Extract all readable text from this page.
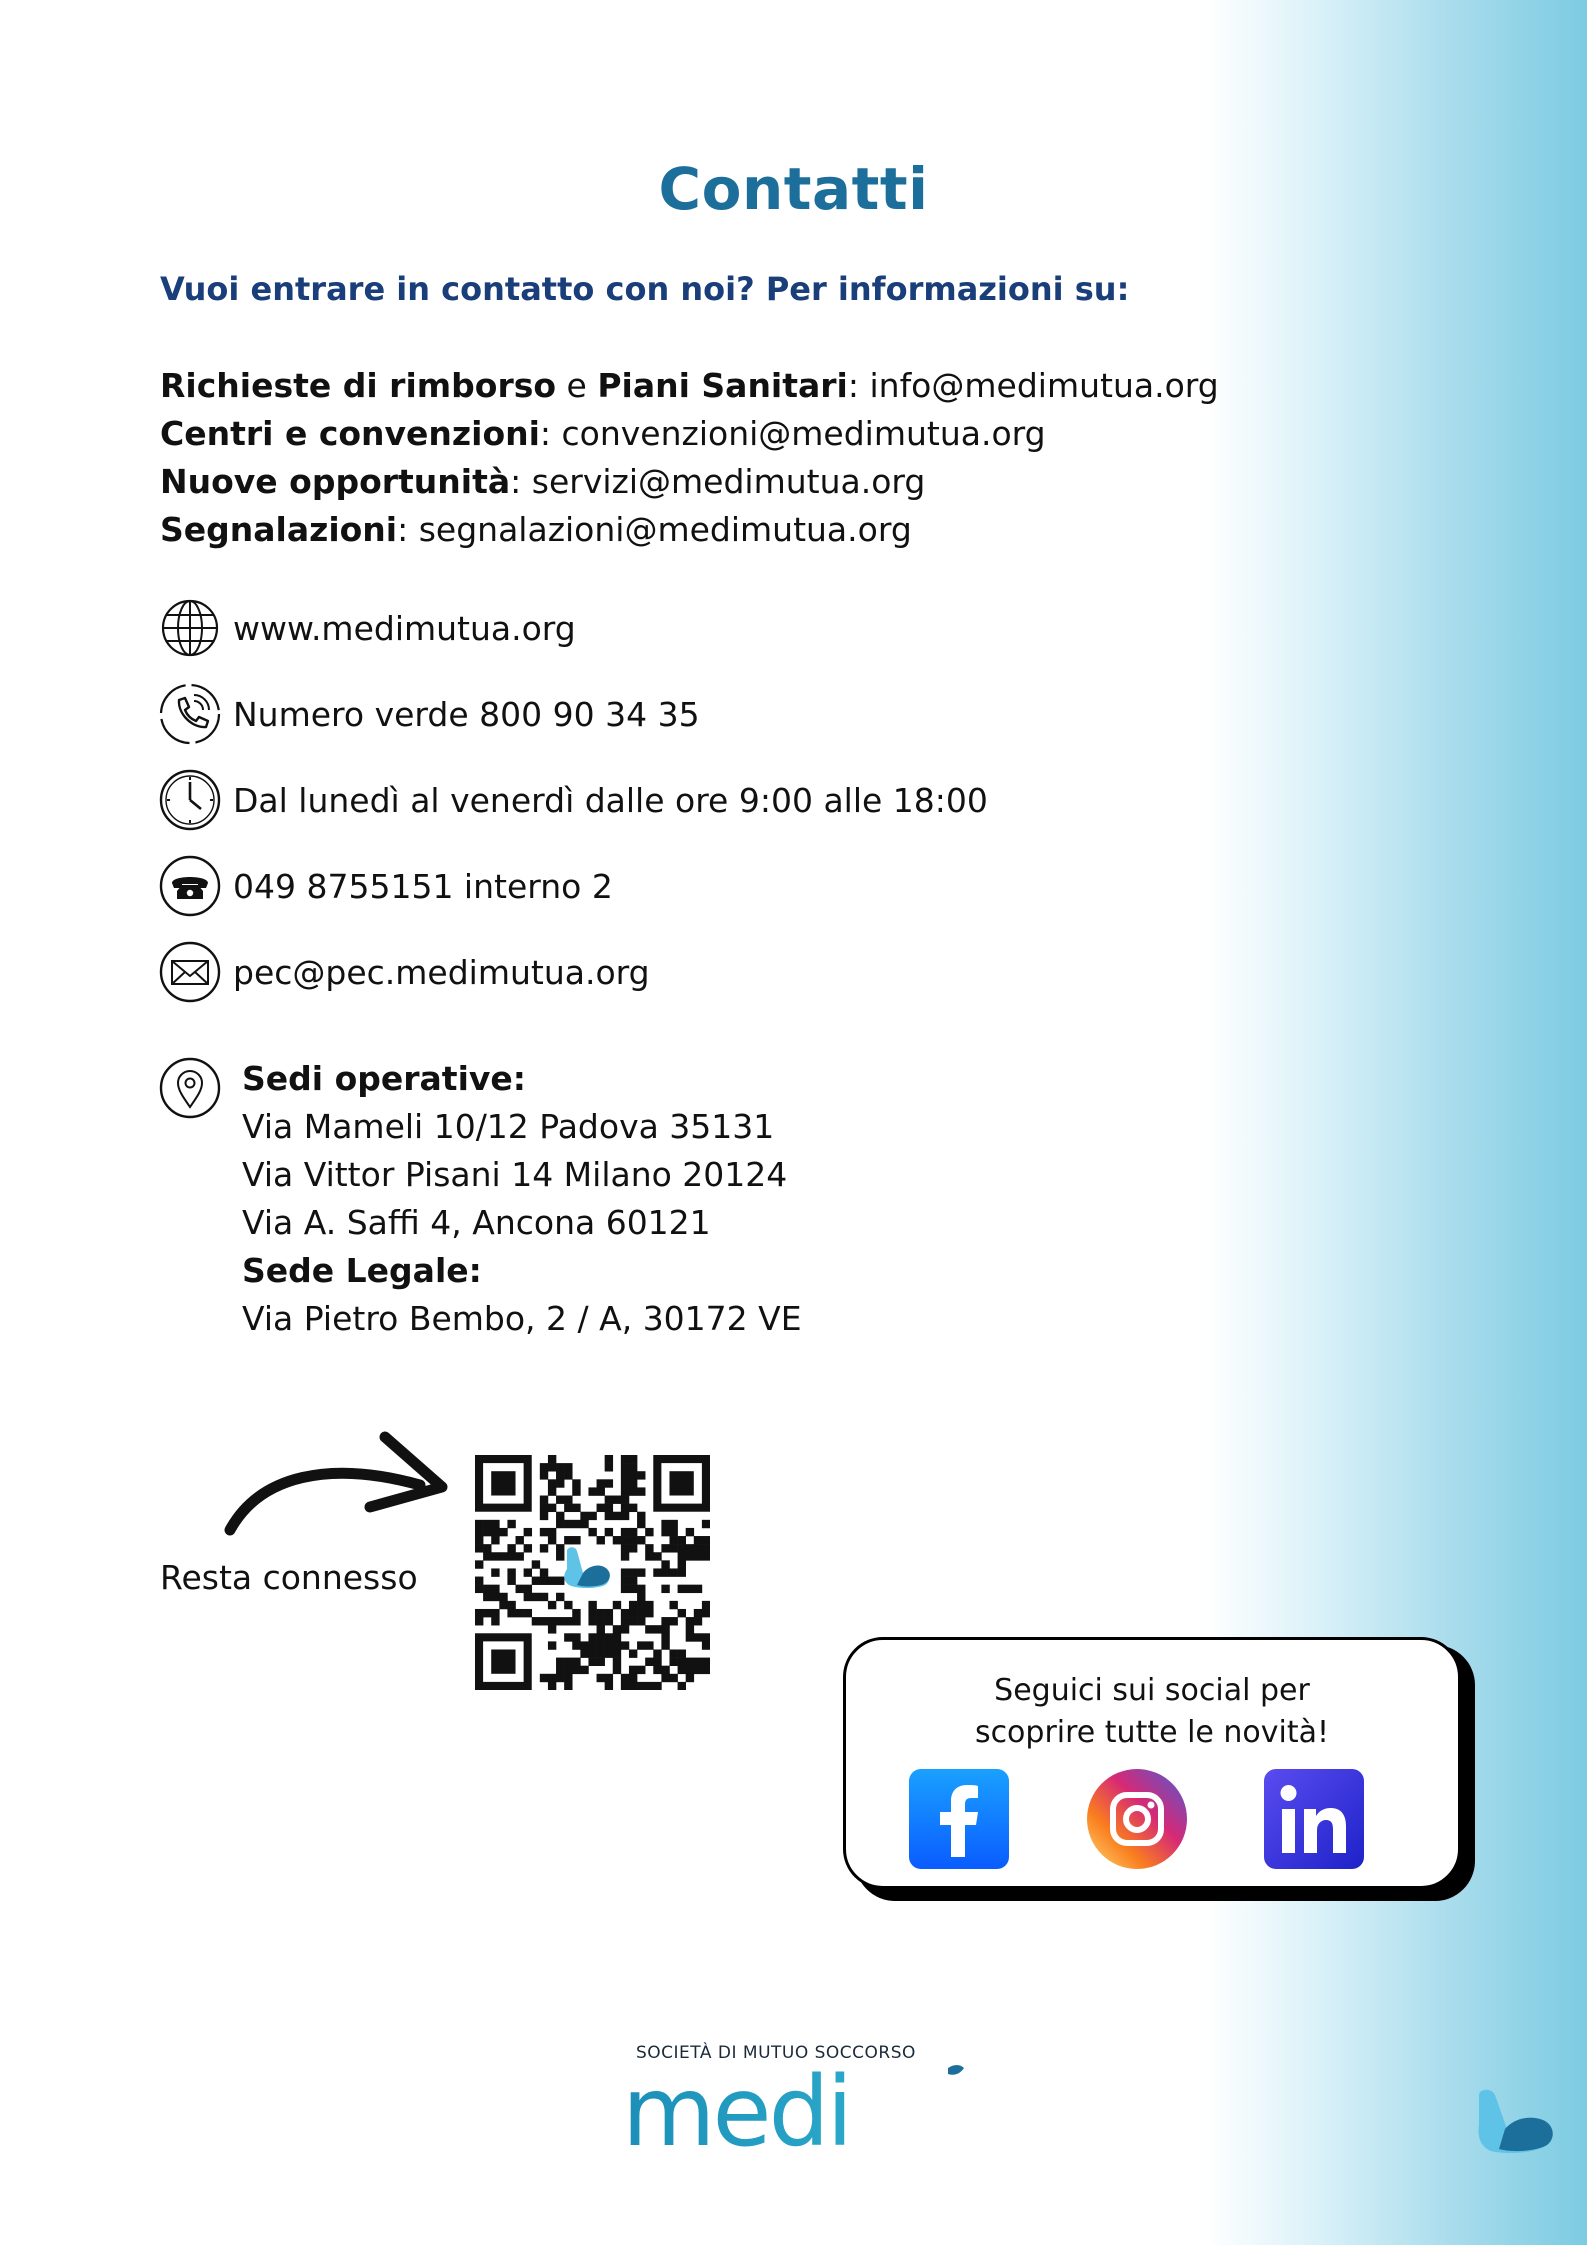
Contatti
Vuoi entrare in contatto con noi? Per informazioni su:
Richieste di rimborso e Piani Sanitari: info@medimutua.org
Centri e convenzioni: convenzioni@medimutua.org
Nuove opportunità: servizi@medimutua.org
Segnalazioni: segnalazioni@medimutua.org
www.medimutua.org
Numero verde 800 90 34 35
Dal lunedì al venerdì dalle ore 9:00 alle 18:00
049 8755151 interno 2
pec@pec.medimutua.org
Sedi operative:
Via Mameli 10/12 Padova 35131
Via Vittor Pisani 14 Milano 20124
Via A. Saffi 4, Ancona 60121
Sede Legale:
Via Pietro Bembo, 2 / A, 30172 VE
Resta connesso
Seguici sui social per
scoprire tutte le novità!
SOCIETÀ DI MUTUO SOCCORSO
medi
